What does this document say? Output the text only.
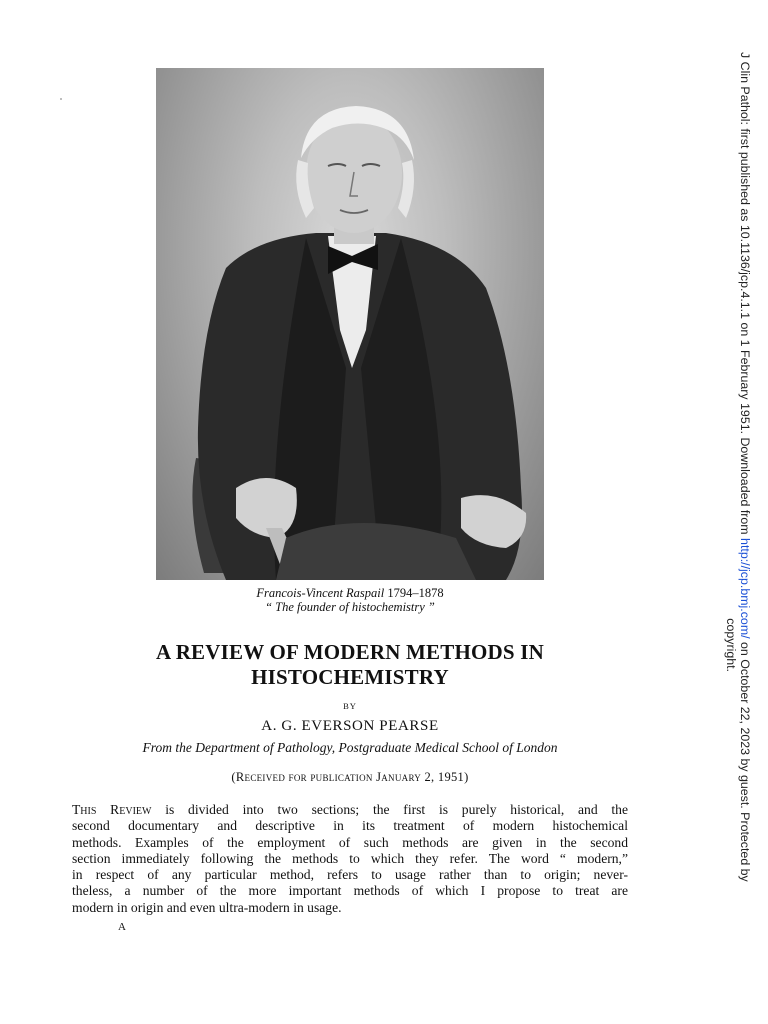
Francois-Vincent Raspail 1794–1878
“ The founder of histochemistry ”
A REVIEW OF MODERN METHODS IN
HISTOCHEMISTRY
BY
A. G. EVERSON PEARSE
From the Department of Pathology, Postgraduate Medical School of London
(Received for publication January 2, 1951)
This Review is divided into two sections; the first is purely historical, and the
second documentary and descriptive in its treatment of modern histochemical
methods. Examples of the employment of such methods are given in the second
section immediately following the methods to which they refer. The word “ modern,”
in respect of any particular method, refers to usage rather than to origin; never-
theless, a number of the more important methods of which I propose to treat are
modern in origin and even ultra-modern in usage.
A
J Clin Pathol: first published as 10.1136/jcp.4.1.1 on 1 February 1951. Downloaded from http://jcp.bmj.com/ on October 22, 2023 by guest. Protected by
copyright.
